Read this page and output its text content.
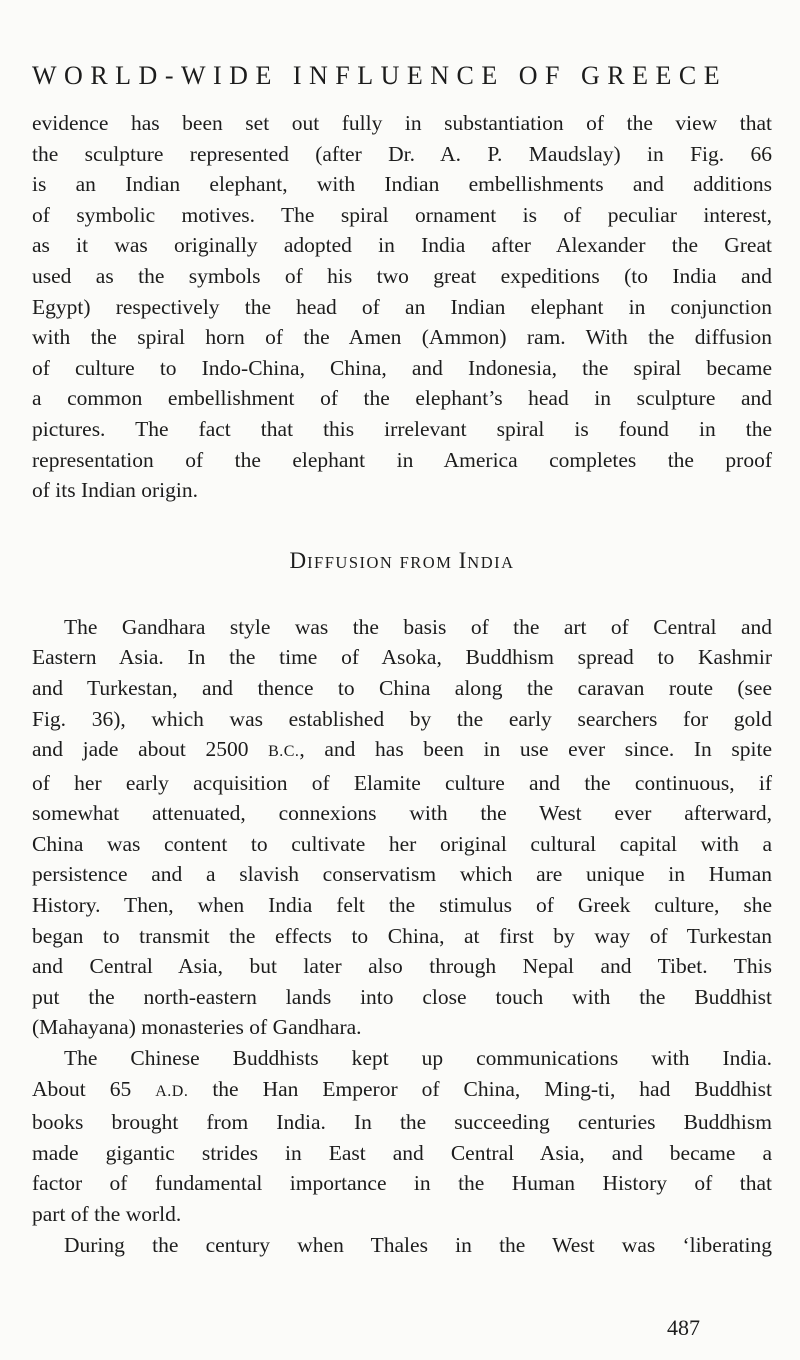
WORLD-WIDE INFLUENCE OF GREECE

evidence has been set out fully in substantiation of the view that
the sculpture represented (after Dr. A. P. Maudslay) in Fig. 66
is an Indian elephant, with Indian embellishments and additions
of symbolic motives. The spiral ornament is of peculiar interest,
as it was originally adopted in India after Alexander the Great
used as the symbols of his two great expeditions (to India and
Egypt) respectively the head of an Indian elephant in conjunction
with the spiral horn of the Amen (Ammon) ram. With the diffusion
of culture to Indo-China, China, and Indonesia, the spiral became
a common embellishment of the elephant’s head in sculpture and
pictures. The fact that this irrelevant spiral is found in the
representation of the elephant in America completes the proof
of its Indian origin.

DIFFUSION FROM INDIA

The Gandhara style was the basis of the art of Central and
Eastern Asia. In the time of Asoka, Buddhism spread to Kashmir
and Turkestan, and thence to China along the caravan route (see
Fig. 36), which was established by the early searchers for gold
and jade about 2500 B.C., and has been in use ever since. In spite
of her early acquisition of Elamite culture and the continuous, if
somewhat attenuated, connexions with the West ever afterward,
China was content to cultivate her original cultural capital with a
persistence and a slavish conservatism which are unique in Human
History. Then, when India felt the stimulus of Greek culture, she
began to transmit the effects to China, at first by way of Turkestan
and Central Asia, but later also through Nepal and Tibet. This
put the north-eastern lands into close touch with the Buddhist
(Mahayana) monasteries of Gandhara.

The Chinese Buddhists kept up communications with India.
About 65 A.D. the Han Emperor of China, Ming-ti, had Buddhist
books brought from India. In the succeeding centuries Buddhism
made gigantic strides in East and Central Asia, and became a
factor of fundamental importance in the Human History of that
part of the world.

During the century when Thales in the West was ‘liberating

487
